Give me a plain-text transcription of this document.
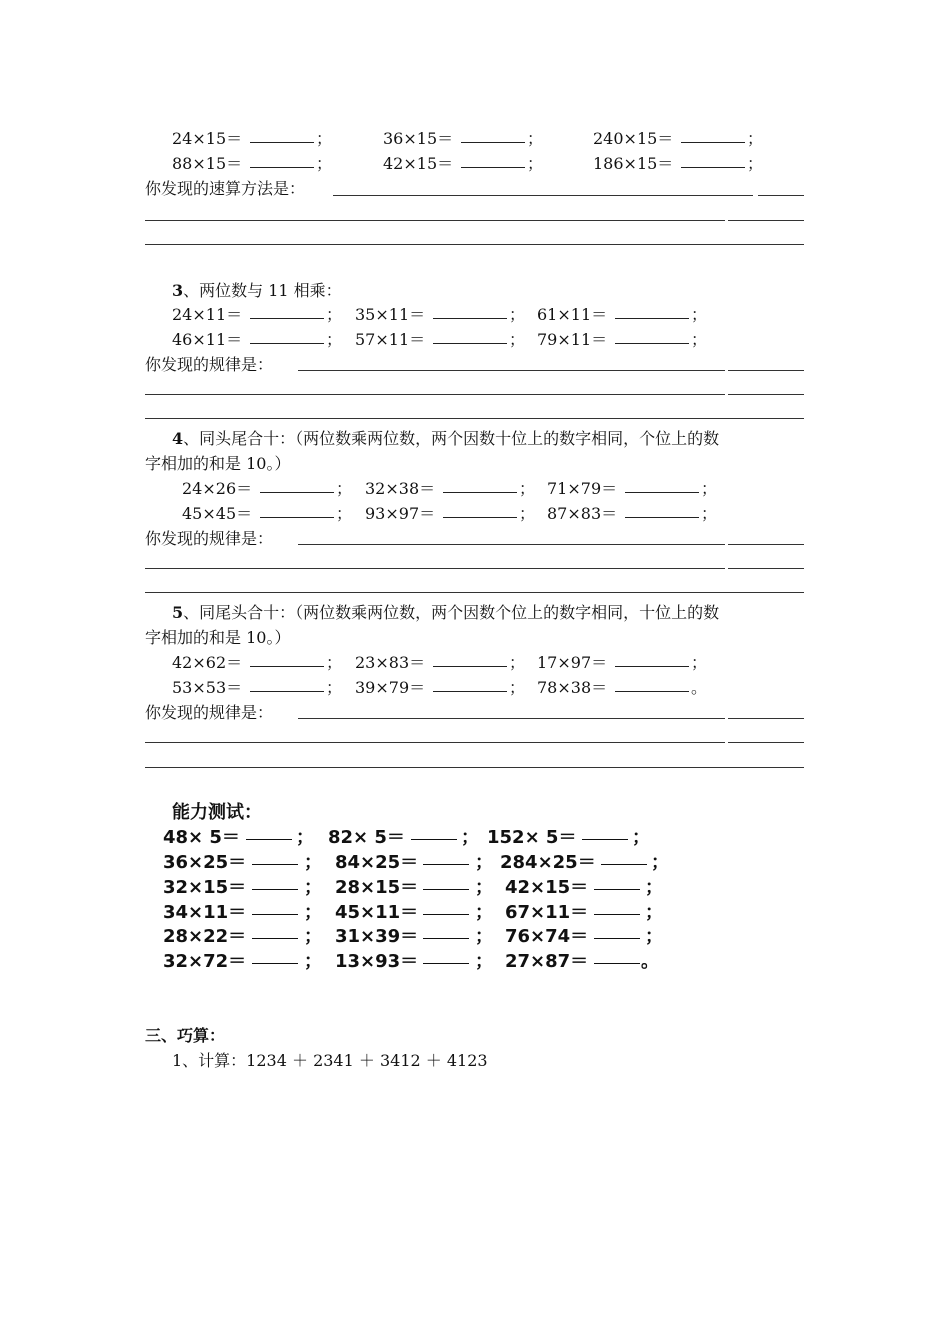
24×15＝	；	36×15＝	；	240×15＝	；
88×15＝	；	42×15＝	；	186×15＝	；
你发现的速算方法是：
3、两位数与 11 相乘：
24×11＝	； 35×11＝	； 61×11＝	；
46×11＝	； 57×11＝	； 79×11＝	；
你发现的规律是：
4、同头尾合十：（两位数乘两位数，两个因数十位上的数字相同，个位上的数
字相加的和是 10。）
24×26＝	； 32×38＝	； 71×79＝	；
45×45＝	； 93×97＝	； 87×83＝	；
你发现的规律是：
5、同尾头合十：（两位数乘两位数，两个因数个位上的数字相同，十位上的数
字相加的和是 10。）
42×62＝	； 23×83＝	； 17×97＝	；
53×53＝	； 39×79＝	； 78×38＝	。
你发现的规律是：
能力测试：
48× 5＝	； 82× 5＝	； 152× 5＝	；
36×25＝	； 84×25＝	； 284×25＝	；
32×15＝	； 28×15＝	； 42×15＝	；
34×11＝	； 45×11＝	； 67×11＝	；
28×22＝	； 31×39＝	； 76×74＝	；
32×72＝	； 13×93＝	； 27×87＝	。
三、巧算：
1、计算：1234 ＋ 2341 ＋ 3412 ＋ 4123
